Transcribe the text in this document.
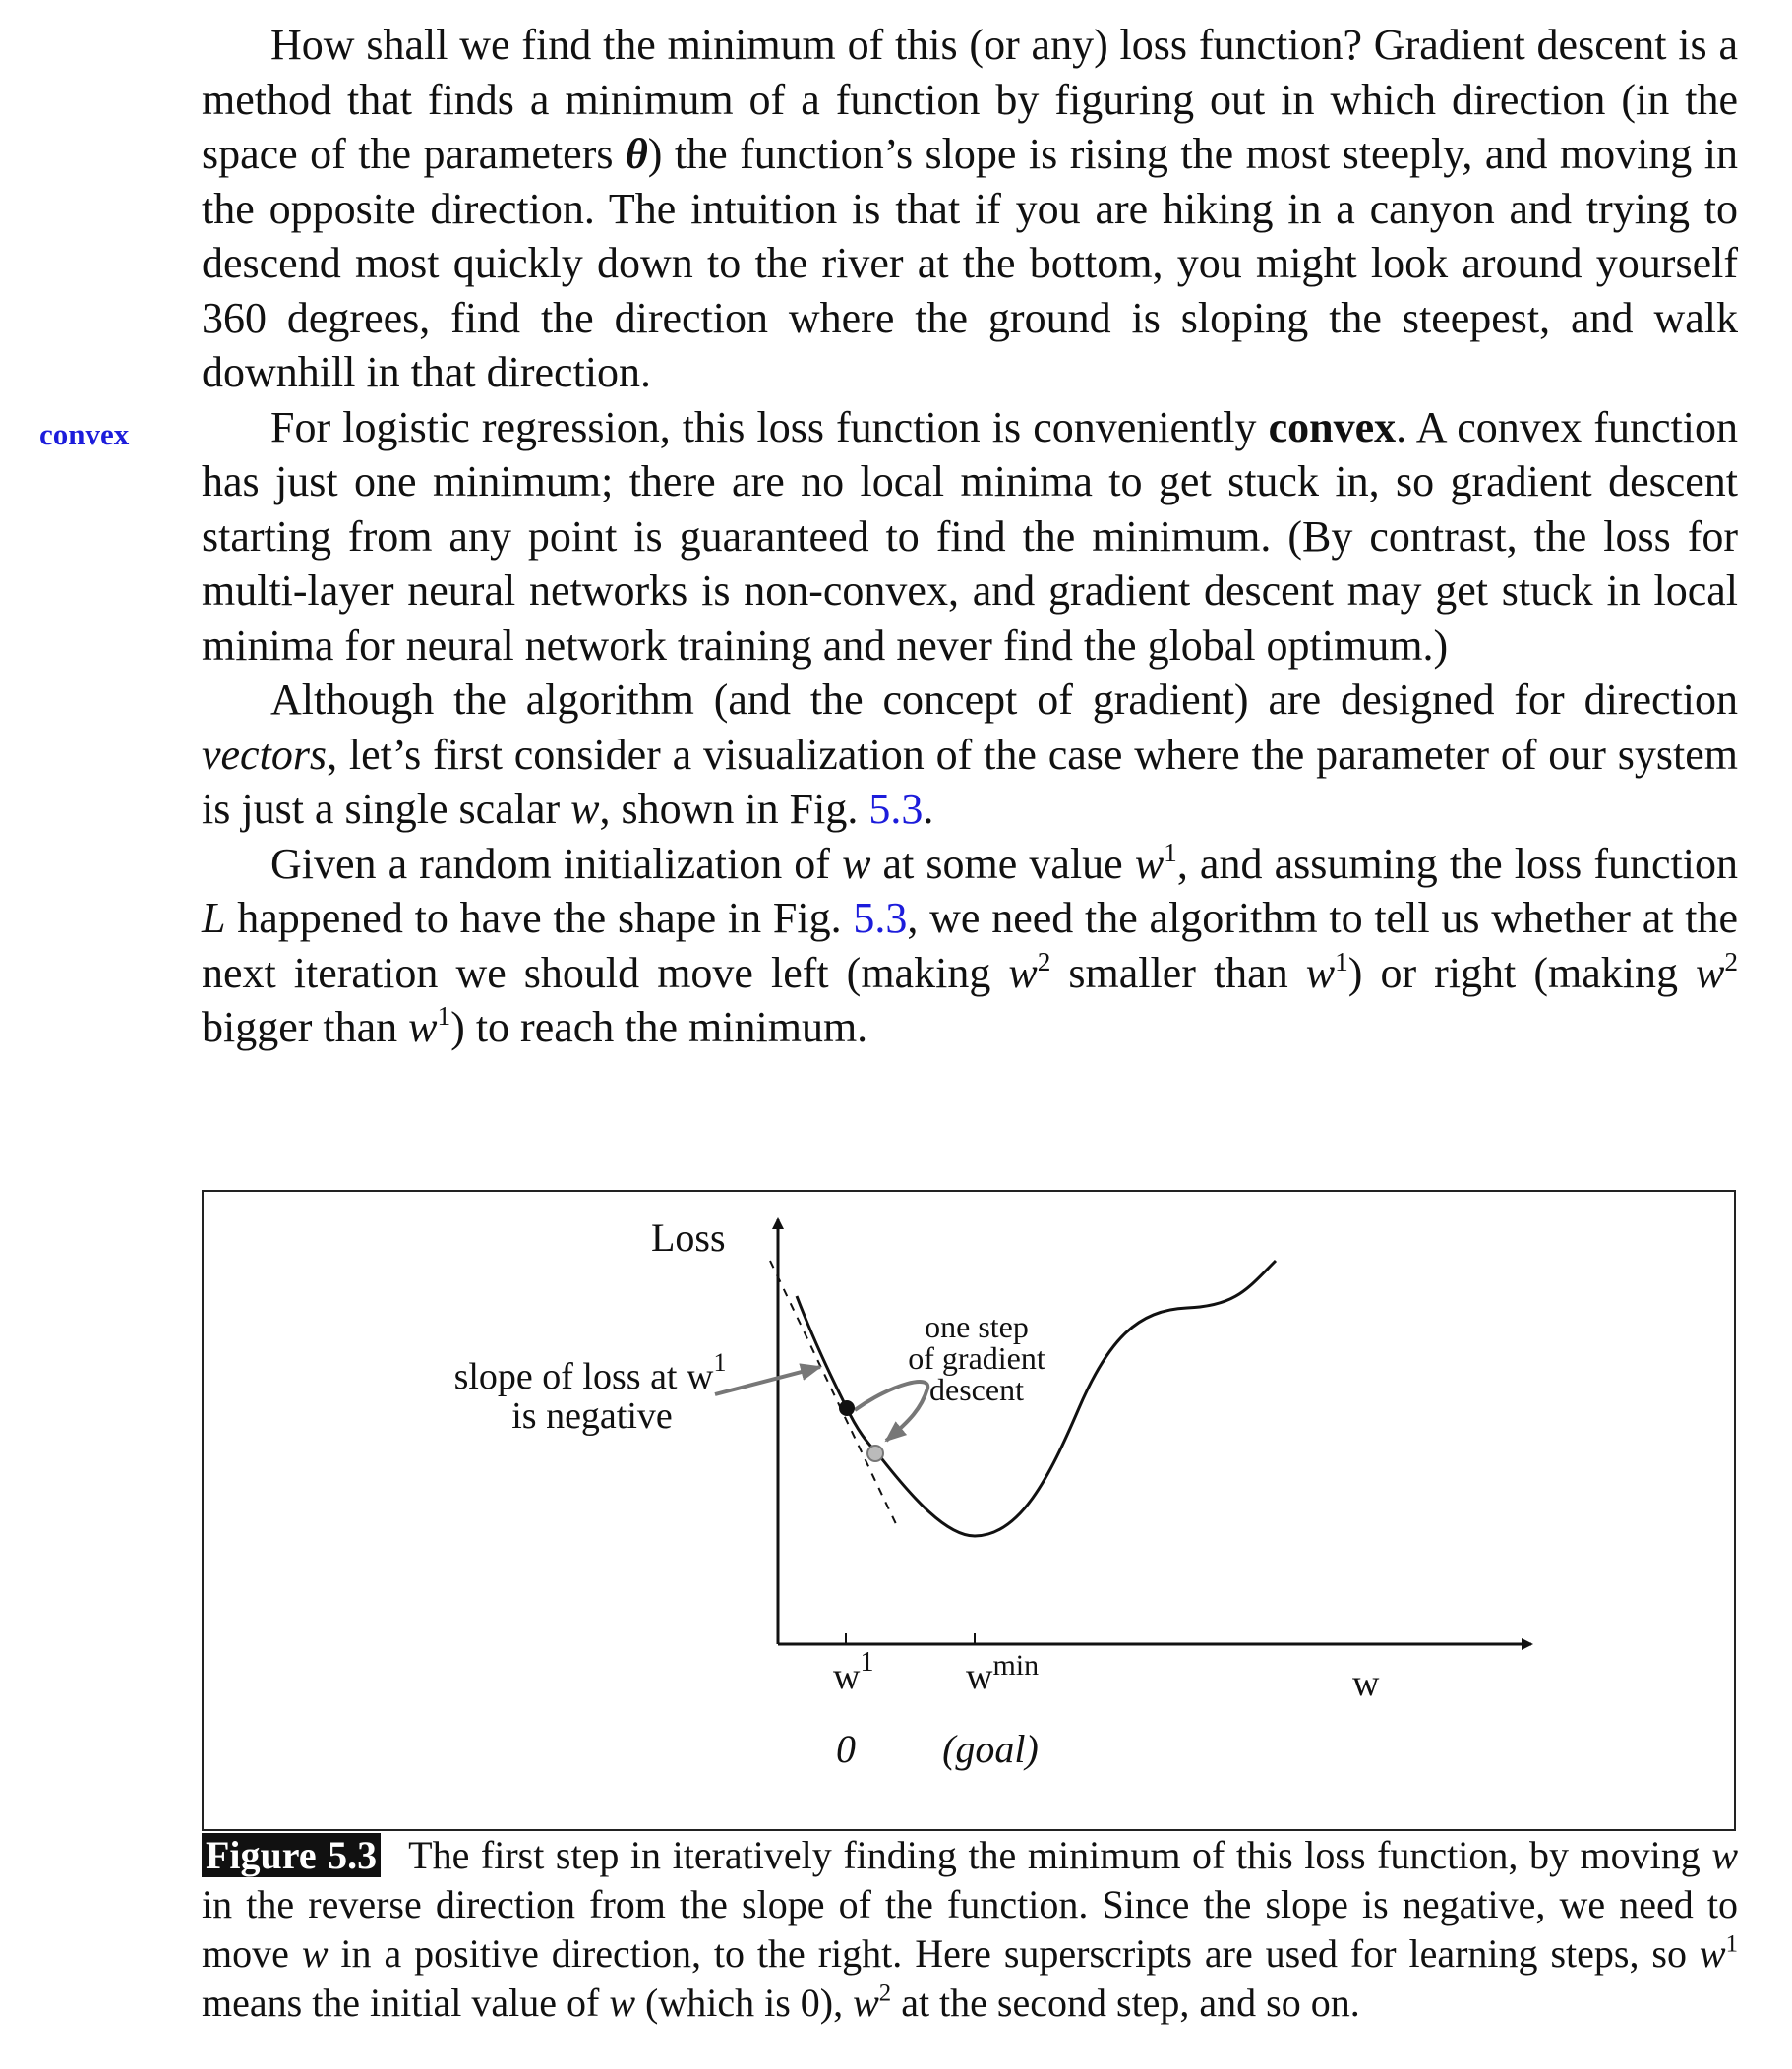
convex

How shall we find the minimum of this (or any) loss function? Gradient descent is a method that finds a minimum of a function by figuring out in which direction (in the space of the parameters θ) the function’s slope is rising the most steeply, and moving in the opposite direction. The intuition is that if you are hiking in a canyon and trying to descend most quickly down to the river at the bottom, you might look around yourself 360 degrees, find the direction where the ground is sloping the steepest, and walk downhill in that direction.

For logistic regression, this loss function is conveniently convex. A convex function has just one minimum; there are no local minima to get stuck in, so gradient descent starting from any point is guaranteed to find the minimum. (By contrast, the loss for multi-layer neural networks is non-convex, and gradient descent may get stuck in local minima for neural network training and never find the global optimum.)

Although the algorithm (and the concept of gradient) are designed for direction vectors, let’s first consider a visualization of the case where the parameter of our system is just a single scalar w, shown in Fig. 5.3.

Given a random initialization of w at some value $w^1$, and assuming the loss function L happened to have the shape in Fig. 5.3, we need the algorithm to tell us whether at the next iteration we should move left (making $w^2$ smaller than $w^1$) or right (making $w^2$ bigger than $w^1$) to reach the minimum.

Loss
slope of loss at $w^1$
is negative
one step
of gradient
descent
$w^1$ $w^{min}$	w
0 (goal)
Figure 5.3 The first step in iteratively finding the minimum of this loss function, by moving w in the reverse direction from the slope of the function. Since the slope is negative, we need to move w in a positive direction, to the right. Here superscripts are used for learning steps, so $w^1$ means the initial value of w (which is 0), $w^2$ at the second step, and so on.
